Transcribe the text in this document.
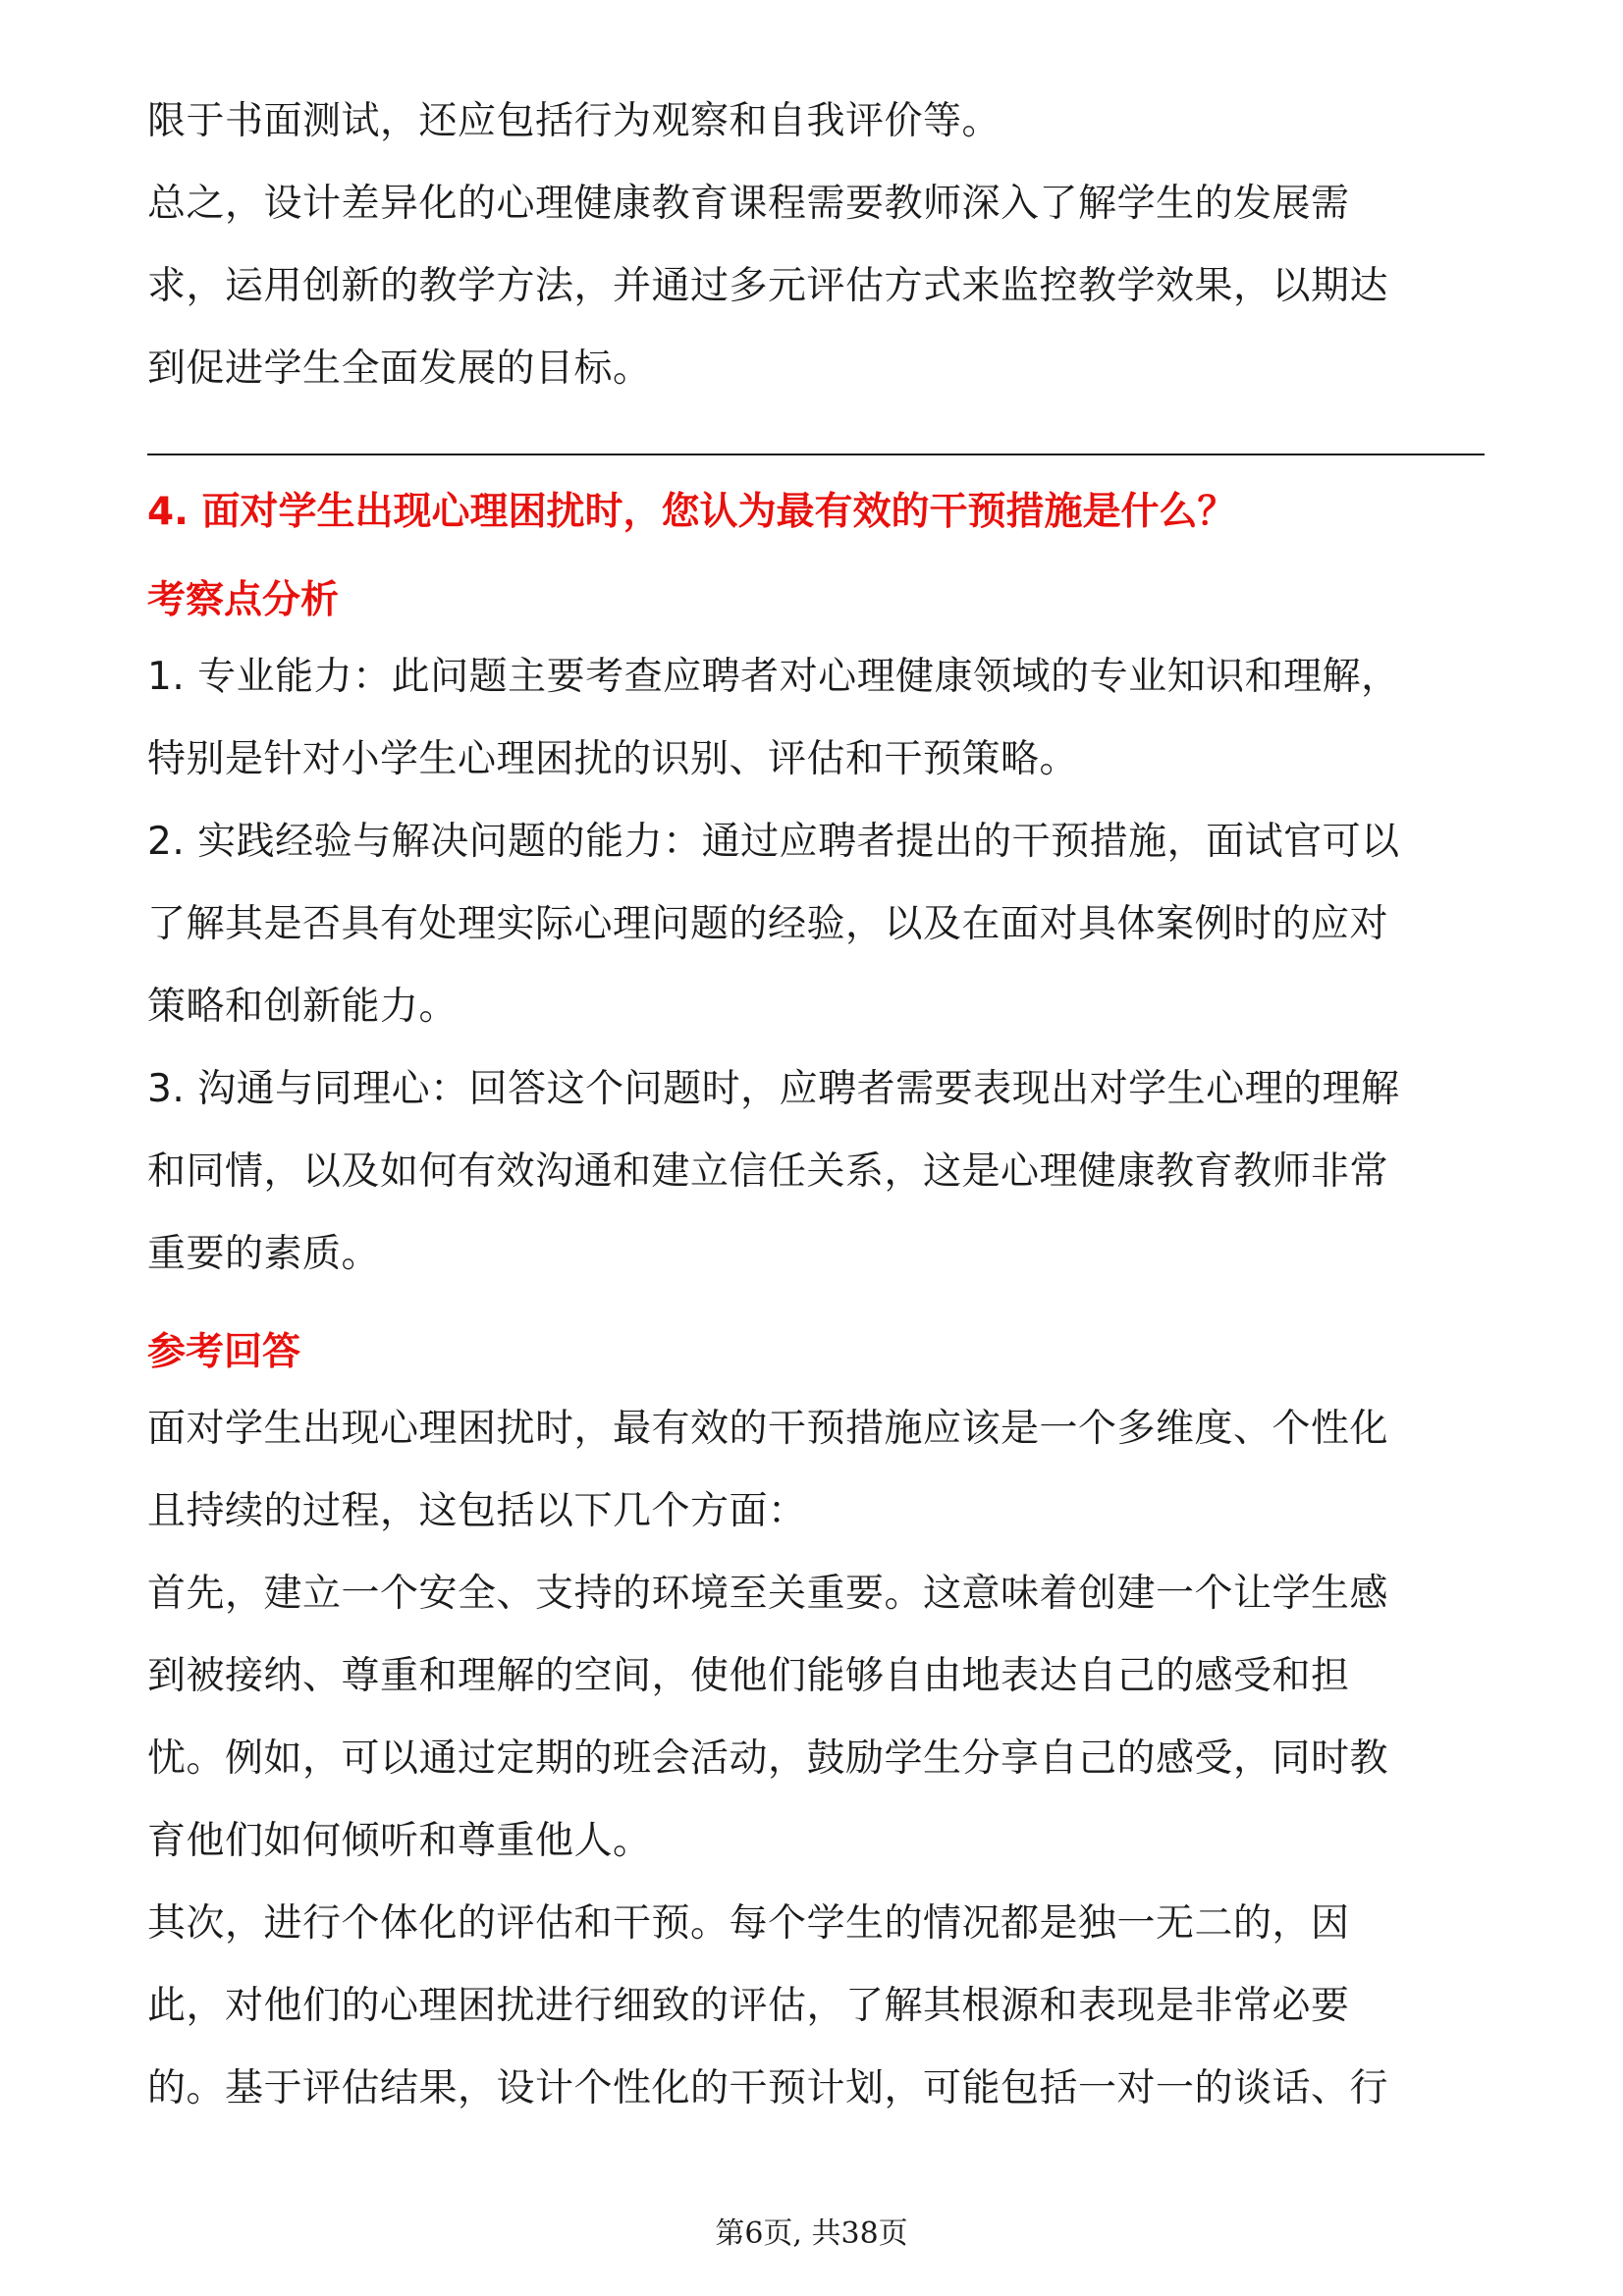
限于书面测试，还应包括行为观察和自我评价等。

总之，设计差异化的心理健康教育课程需要教师深入了解学生的发展需
求，运用创新的教学方法，并通过多元评估方式来监控教学效果，以期达
到促进学生全面发展的目标。

4. 面对学生出现心理困扰时，您认为最有效的干预措施是什么？
考察点分析

1. 专业能力：此问题主要考查应聘者对心理健康领域的专业知识和理解，
特别是针对小学生心理困扰的识别、评估和干预策略。

2. 实践经验与解决问题的能力：通过应聘者提出的干预措施，面试官可以
了解其是否具有处理实际心理问题的经验，以及在面对具体案例时的应对
策略和创新能力。

3. 沟通与同理心：回答这个问题时，应聘者需要表现出对学生心理的理解
和同情，以及如何有效沟通和建立信任关系，这是心理健康教育教师非常
重要的素质。

参考回答

面对学生出现心理困扰时，最有效的干预措施应该是一个多维度、个性化
且持续的过程，这包括以下几个方面：

首先，建立一个安全、支持的环境至关重要。这意味着创建一个让学生感
到被接纳、尊重和理解的空间，使他们能够自由地表达自己的感受和担
忧。例如，可以通过定期的班会活动，鼓励学生分享自己的感受，同时教
育他们如何倾听和尊重他人。

其次，进行个体化的评估和干预。每个学生的情况都是独一无二的，因
此，对他们的心理困扰进行细致的评估，了解其根源和表现是非常必要
的。基于评估结果，设计个性化的干预计划，可能包括一对一的谈话、行

第6页, 共38页
